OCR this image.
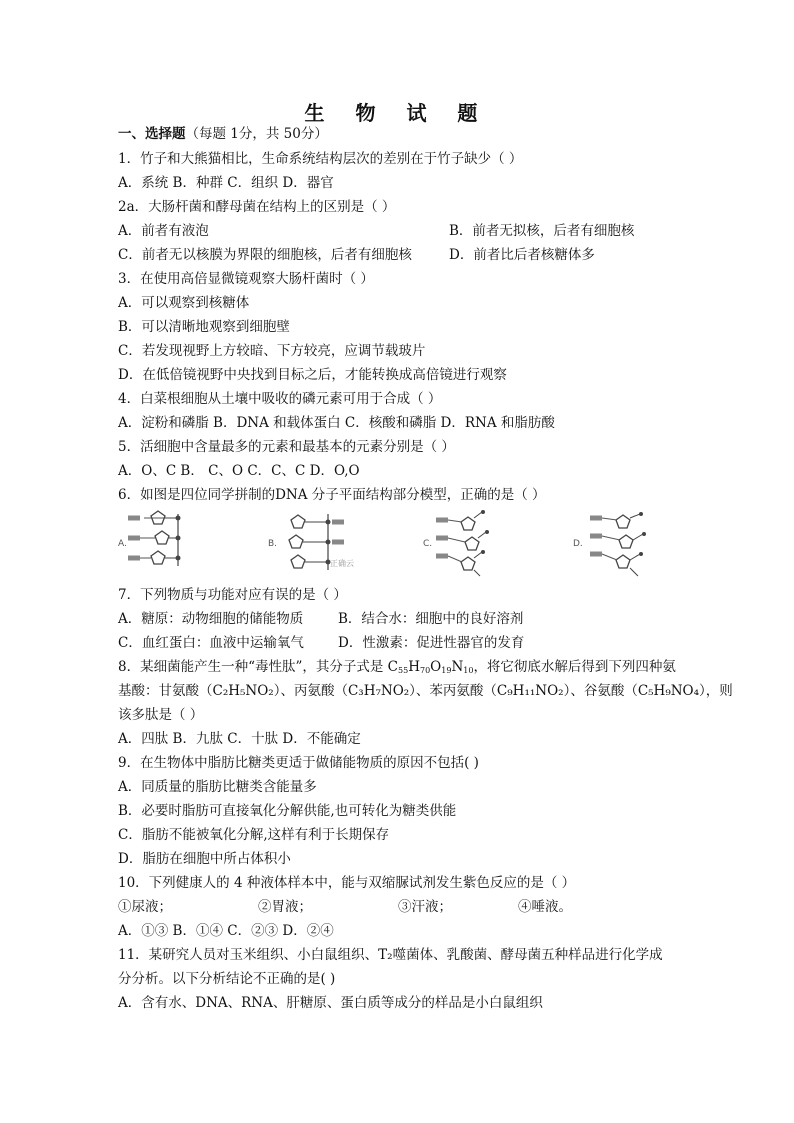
生 物 试 题
一、选择题（每题 1分，共 50分）
1．竹子和大熊猫相比，生命系统结构层次的差别在于竹子缺少（ ）
A．系统 B．种群 C．组织 D．器官
2a．大肠杆菌和酵母菌在结构上的区别是（ ）
A．前者有液泡	B．前者无拟核，后者有细胞核
C．前者无以核膜为界限的细胞核，后者有细胞核	D．前者比后者核糖体多
3．在使用高倍显微镜观察大肠杆菌时（ ）
A．可以观察到核糖体
B．可以清晰地观察到细胞壁
C．若发现视野上方较暗、下方较亮，应调节载玻片
D．在低倍镜视野中央找到目标之后，才能转换成高倍镜进行观察
4．白菜根细胞从土壤中吸收的磷元素可用于合成（ ）
A．淀粉和磷脂 B．DNA 和载体蛋白 C．核酸和磷脂 D．RNA 和脂肪酸
5．活细胞中含量最多的元素和最基本的元素分别是（ ）
A．O、C B． C、O C．C、C D．O,O
6．如图是四位同学拼制的DNA 分子平面结构部分模型，正确的是（ ）
A.	B.
正确云
C.	D.
7．下列物质与功能对应有误的是（ ）
A．糖原：动物细胞的储能物质	B．结合水：细胞中的良好溶剂
C．血红蛋白：血液中运输氧气	D．性激素：促进性器官的发育
8．某细菌能产生一种“毒性肽”，其分子式是 $C_{55}H_{70}O_{19}N_{10}$，将它彻底水解后得到下列四种氨
基酸：甘氨酸（C₂H₅NO₂）、丙氨酸（C₃H₇NO₂）、苯丙氨酸（C₉H₁₁NO₂）、谷氨酸（C₅H₉NO₄），则
该多肽是（ ）
A．四肽 B．九肽 C．十肽 D．不能确定
9．在生物体中脂肪比糖类更适于做储能物质的原因不包括( )
A．同质量的脂肪比糖类含能量多
B．必要时脂肪可直接氧化分解供能,也可转化为糖类供能
C．脂肪不能被氧化分解,这样有利于长期保存
D．脂肪在细胞中所占体积小
10．下列健康人的 4 种液体样本中，能与双缩脲试剂发生紫色反应的是（ ）
①尿液；	②胃液；	③汗液；	④唾液。
A．①③ B．①④ C．②③ D．②④
11．某研究人员对玉米组织、小白鼠组织、T₂噬菌体、乳酸菌、酵母菌五种样品进行化学成
分分析。以下分析结论不正确的是( )
A．含有水、DNA、RNA、肝糖原、蛋白质等成分的样品是小白鼠组织
